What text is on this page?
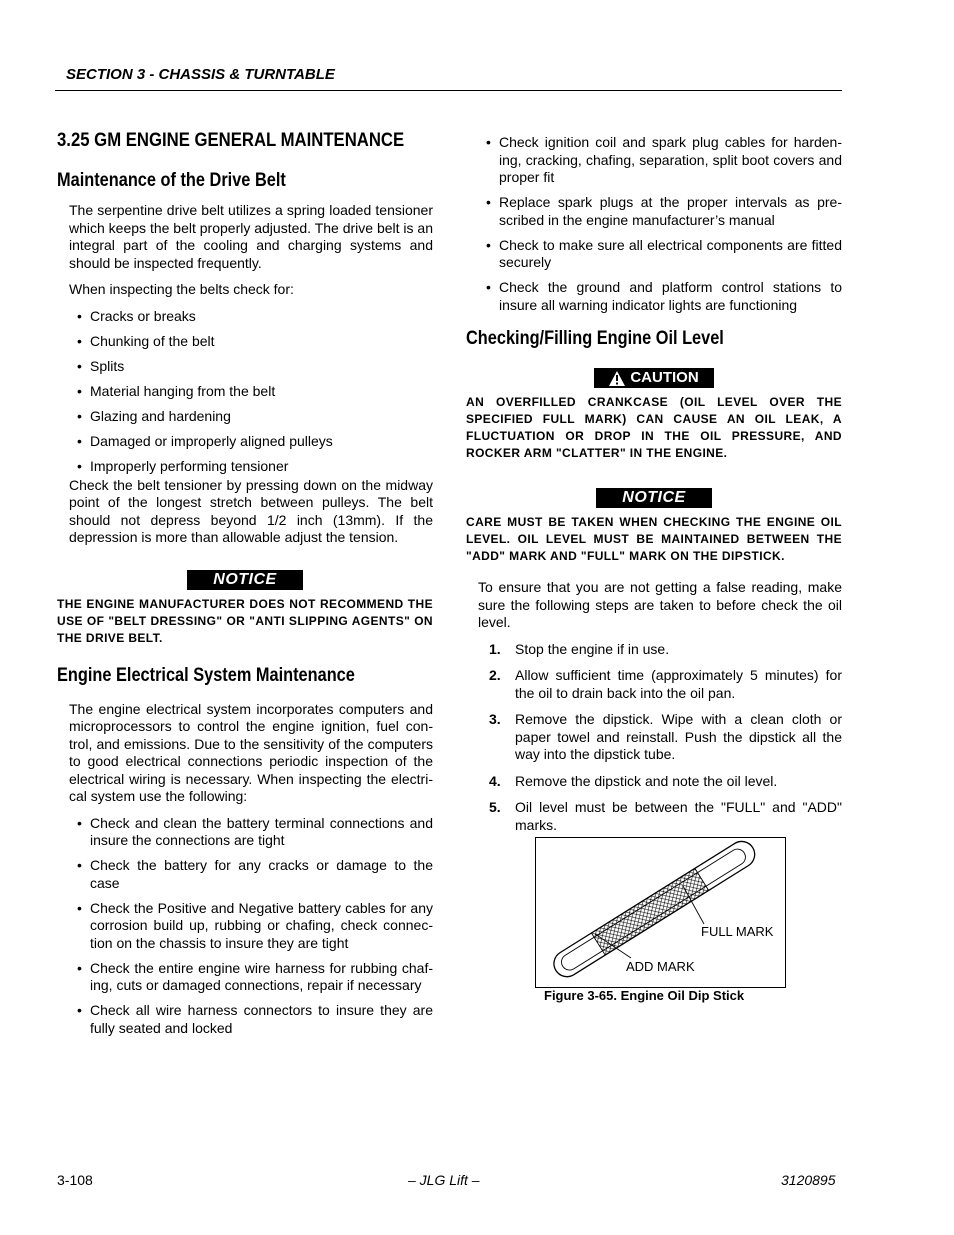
SECTION 3 - CHASSIS & TURNTABLE
3.25 GM ENGINE GENERAL MAINTENANCE
Maintenance of the Drive Belt

The serpentine drive belt utilizes a spring loaded tensioner which keeps the belt properly adjusted. The drive belt is an integral part of the cooling and charging systems and should be inspected frequently.

When inspecting the belts check for:

• Cracks or breaks
• Chunking of the belt
• Splits
• Material hanging from the belt
• Glazing and hardening
• Damaged or improperly aligned pulleys
• Improperly performing tensioner

Check the belt tensioner by pressing down on the midway point of the longest stretch between pulleys. The belt should not depress beyond 1/2 inch (13mm). If the depression is more than allowable adjust the tension.

NOTICE
THE ENGINE MANUFACTURER DOES NOT RECOMMEND THE USE OF "BELT DRESSING" OR "ANTI SLIPPING AGENTS" ON THE DRIVE BELT.
Engine Electrical System Maintenance

The engine electrical system incorporates computers and microprocessors to control the engine ignition, fuel con-trol, and emissions. Due to the sensitivity of the computers to good electrical connections periodic inspection of the electrical wiring is necessary. When inspecting the electri-cal system use the following:

• Check and clean the battery terminal connections and insure the connections are tight
• Check the battery for any cracks or damage to the case
• Check the Positive and Negative battery cables for any corrosion build up, rubbing or chafing, check connec-tion on the chassis to insure they are tight
• Check the entire engine wire harness for rubbing chaf-ing, cuts or damaged connections, repair if necessary
• Check all wire harness connectors to insure they are fully seated and locked
• Check ignition coil and spark plug cables for harden-ing, cracking, chafing, separation, split boot covers and proper fit
• Replace spark plugs at the proper intervals as pre-scribed in the engine manufacturer’s manual
• Check to make sure all electrical components are fitted securely
• Check the ground and platform control stations to insure all warning indicator lights are functioning
Checking/Filling Engine Oil Level
CAUTION
AN OVERFILLED CRANKCASE (OIL LEVEL OVER THE SPECIFIED FULL MARK) CAN CAUSE AN OIL LEAK, A FLUCTUATION OR DROP IN THE OIL PRESSURE, AND ROCKER ARM "CLATTER" IN THE ENGINE.
NOTICE
CARE MUST BE TAKEN WHEN CHECKING THE ENGINE OIL LEVEL. OIL LEVEL MUST BE MAINTAINED BETWEEN THE "ADD" MARK AND "FULL" MARK ON THE DIPSTICK.

To ensure that you are not getting a false reading, make sure the following steps are taken to before check the oil level.

1. Stop the engine if in use.
2. Allow sufficient time (approximately 5 minutes) for the oil to drain back into the oil pan.
3. Remove the dipstick. Wipe with a clean cloth or paper towel and reinstall. Push the dipstick all the way into the dipstick tube.
4. Remove the dipstick and note the oil level.
5. Oil level must be between the "FULL" and "ADD" marks.
FULL MARK
ADD MARK
Figure 3-65. Engine Oil Dip Stick
3-108	– JLG Lift –	3120895
